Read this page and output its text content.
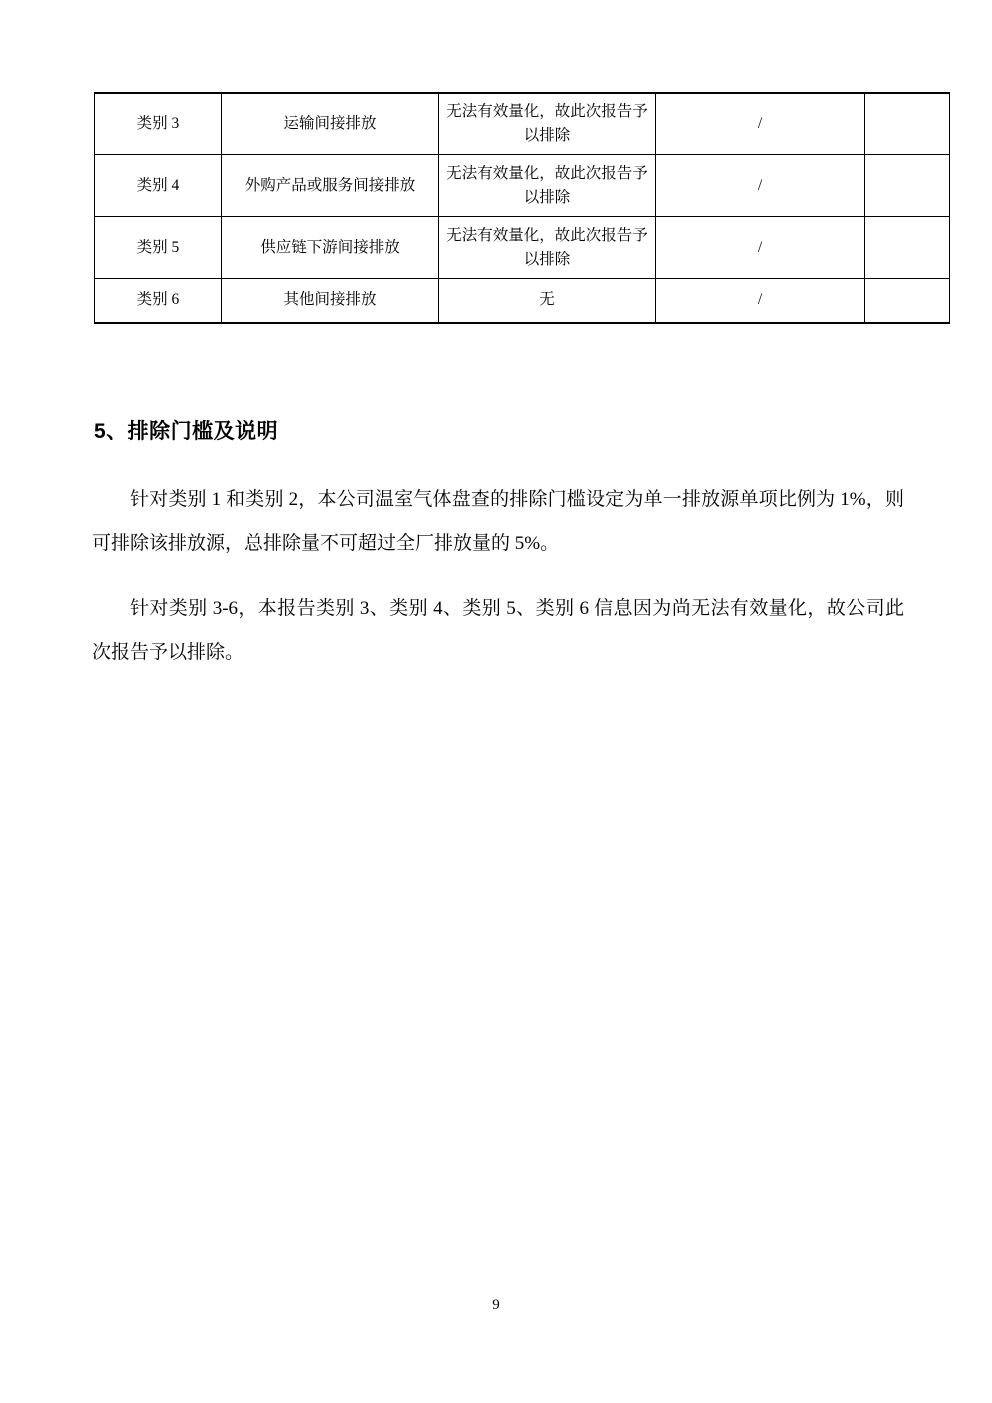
类别 3	运输间接排放	无法有效量化，故此次报告予以排除	/	
类别 4	外购产品或服务间接排放	无法有效量化，故此次报告予以排除	/	
类别 5	供应链下游间接排放	无法有效量化，故此次报告予以排除	/	
类别 6	其他间接排放	无	/	
5、排除门槛及说明
针对类别 1 和类别 2，本公司温室气体盘查的排除门槛设定为单一排放源单项比例为 1%，则可排除该排放源，总排除量不可超过全厂排放量的 5%。
针对类别 3-6，本报告类别 3、类别 4、类别 5、类别 6 信息因为尚无法有效量化，故公司此次报告予以排除。
9
